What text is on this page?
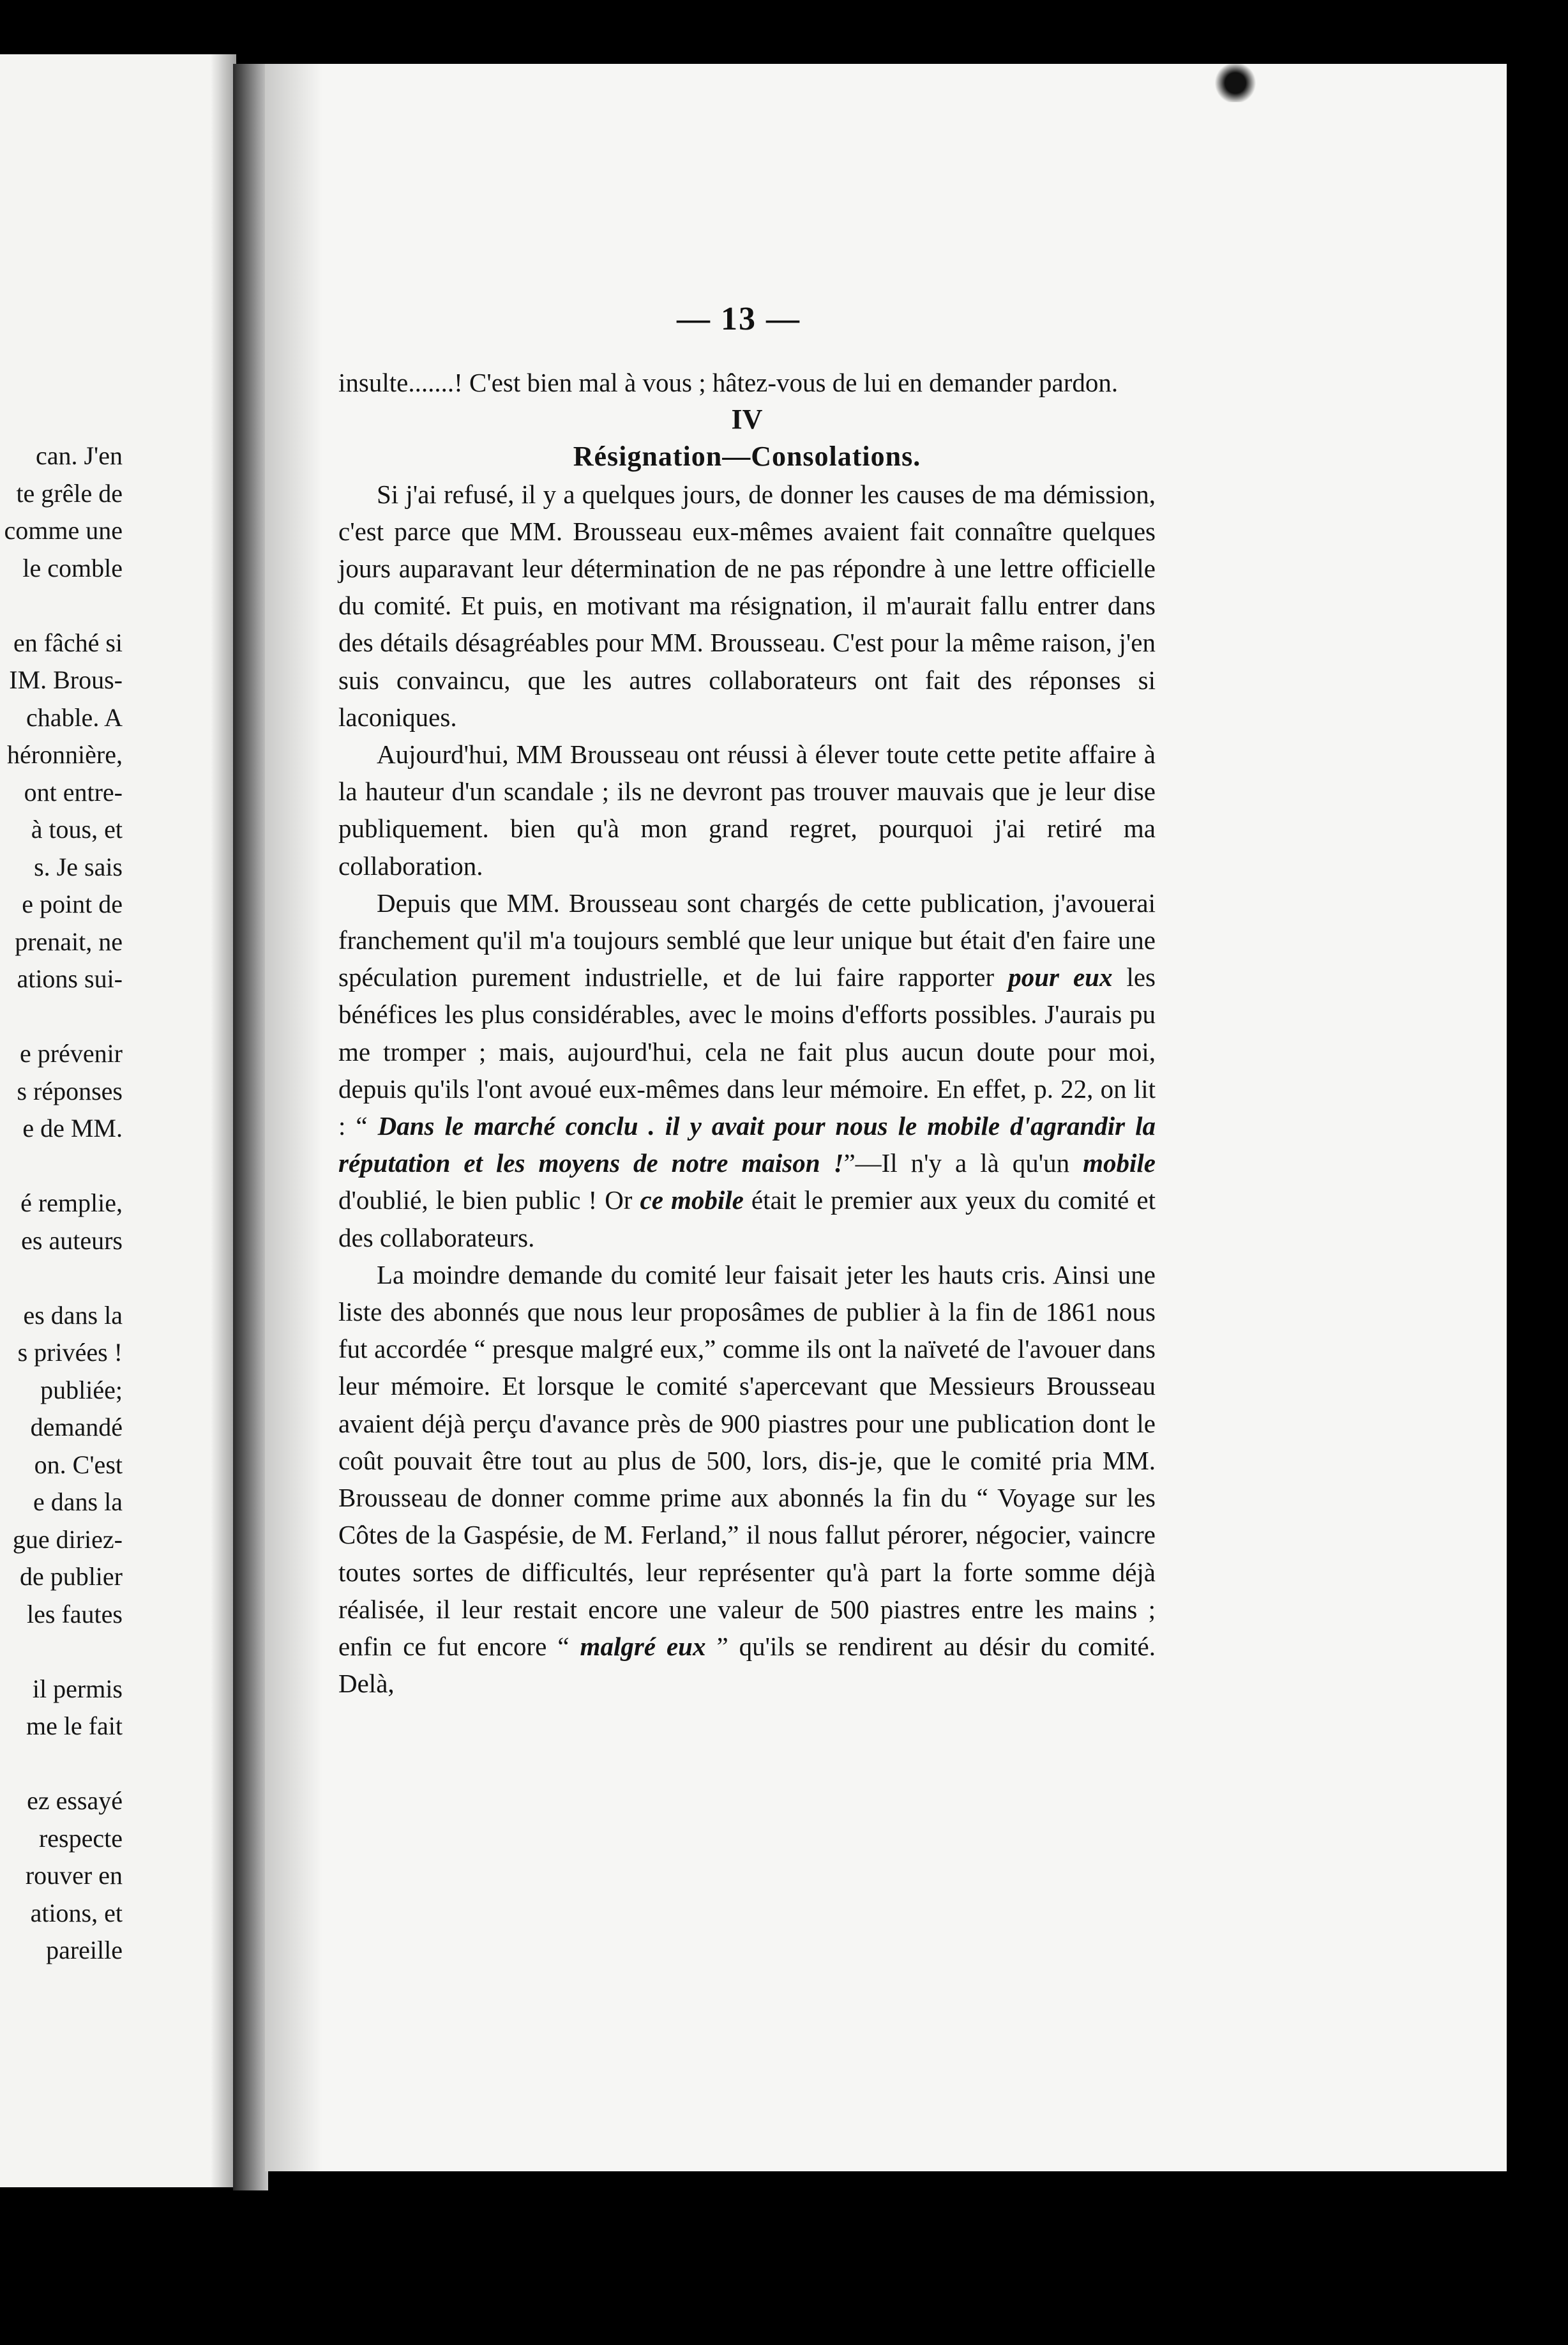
can. J'en
te grêle de
comme une
le comble
en fâché si
IM. Brous-
chable. A
héronnière,
ont entre-
à tous, et
s. Je sais
e point de
prenait, ne
ations sui-
e prévenir
s réponses
e de MM.
é remplie,
es auteurs
es dans la
s privées !
publiée;
demandé
on. C'est
e dans la
gue diriez-
de publier
les fautes
il permis
me le fait
ez essayé
respecte
rouver en
ations, et
pareille
— 13 —

insulte.......! C'est bien mal à vous ; hâtez-vous de lui en demander pardon.

IV

Résignation—Consolations.

Si j'ai refusé, il y a quelques jours, de donner les causes de ma démission, c'est parce que MM. Brousseau eux-mêmes avaient fait connaître quelques jours auparavant leur détermination de ne pas répondre à une lettre officielle du comité. Et puis, en motivant ma résignation, il m'aurait fallu entrer dans des détails désagréables pour MM. Brousseau. C'est pour la même raison, j'en suis convaincu, que les autres collaborateurs ont fait des réponses si laconiques.

Aujourd'hui, MM Brousseau ont réussi à élever toute cette petite affaire à la hauteur d'un scandale ; ils ne devront pas trouver mauvais que je leur dise publiquement. bien qu'à mon grand regret, pourquoi j'ai retiré ma collaboration.

Depuis que MM. Brousseau sont chargés de cette publication, j'avouerai franchement qu'il m'a toujours semblé que leur unique but était d'en faire une spéculation purement industrielle, et de lui faire rapporter pour eux les bénéfices les plus considérables, avec le moins d'efforts possibles. J'aurais pu me tromper ; mais, aujourd'hui, cela ne fait plus aucun doute pour moi, depuis qu'ils l'ont avoué eux-mêmes dans leur mémoire. En effet, p. 22, on lit : “ Dans le marché conclu . il y avait pour nous le mobile d'agrandir la réputation et les moyens de notre maison !”—Il n'y a là qu'un mobile d'oublié, le bien public ! Or ce mobile était le premier aux yeux du comité et des collaborateurs.

La moindre demande du comité leur faisait jeter les hauts cris. Ainsi une liste des abonnés que nous leur proposâmes de publier à la fin de 1861 nous fut accordée “ presque malgré eux,” comme ils ont la naïveté de l'avouer dans leur mémoire. Et lorsque le comité s'apercevant que Messieurs Brousseau avaient déjà perçu d'avance près de 900 piastres pour une publication dont le coût pouvait être tout au plus de 500, lors, dis-je, que le comité pria MM. Brousseau de donner comme prime aux abonnés la fin du “ Voyage sur les Côtes de la Gaspésie, de M. Ferland,” il nous fallut pérorer, négocier, vaincre toutes sortes de difficultés, leur représenter qu'à part la forte somme déjà réalisée, il leur restait encore une valeur de 500 piastres entre les mains ; enfin ce fut encore “ malgré eux ” qu'ils se rendirent au désir du comité. Delà,
